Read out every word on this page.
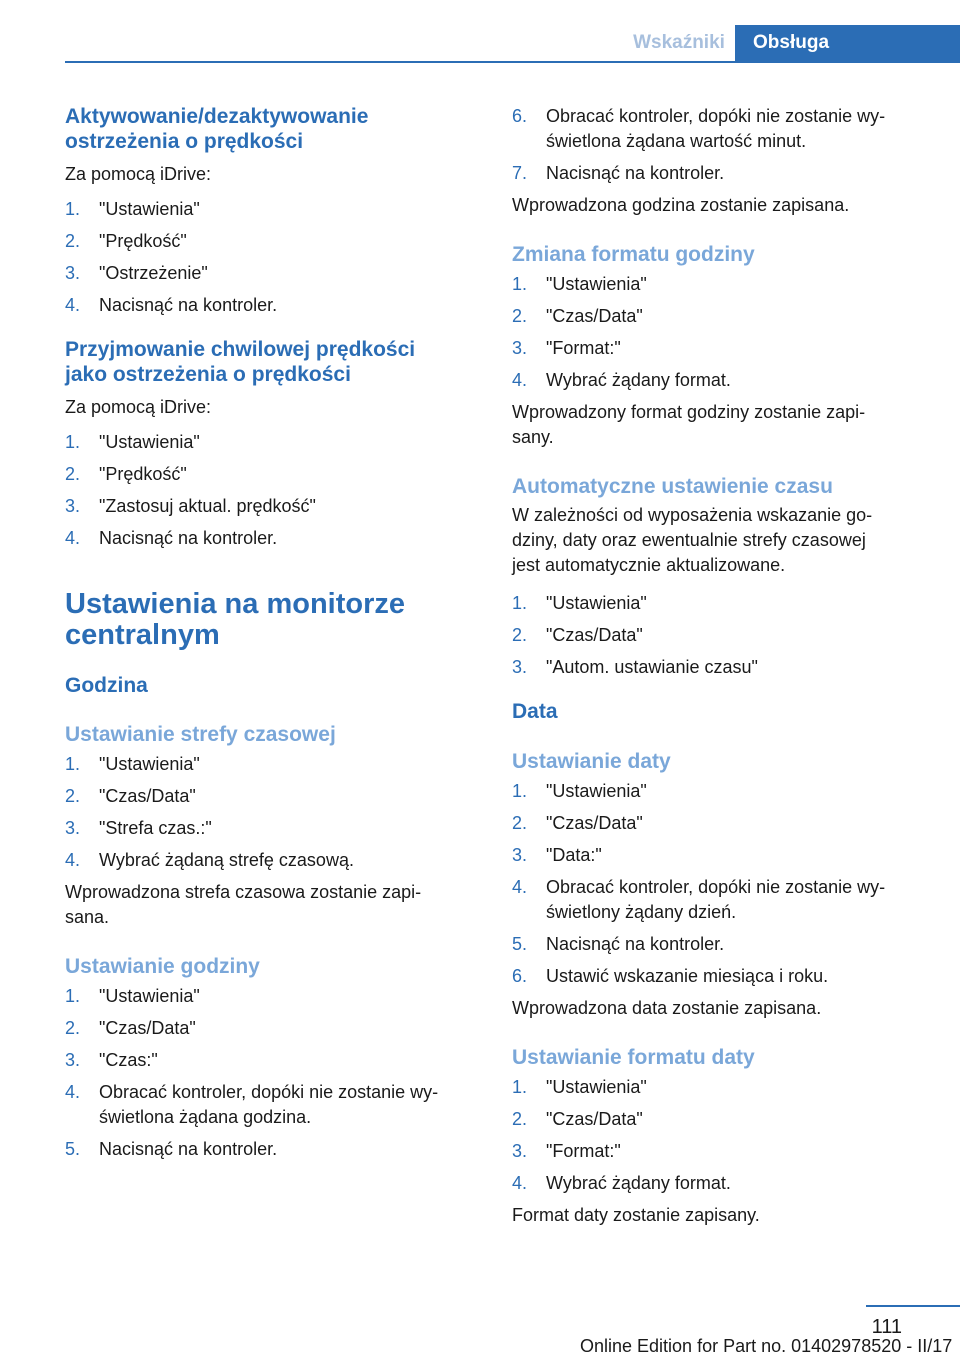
Wskaźniki	Obsługa
Aktywowanie/dezaktywowanie
ostrzeżenia o prędkości

Za pomocą iDrive:

1. "Ustawienia"
2. "Prędkość"
3. "Ostrzeżenie"
4. Nacisnąć na kontroler.
Przyjmowanie chwilowej prędkości
jako ostrzeżenia o prędkości

Za pomocą iDrive:

1. "Ustawienia"
2. "Prędkość"
3. "Zastosuj aktual. prędkość"
4. Nacisnąć na kontroler.
Ustawienia na monitorze
centralnym
Godzina
Ustawianie strefy czasowej
1. "Ustawienia"
2. "Czas/Data"
3. "Strefa czas.:"
4. Wybrać żądaną strefę czasową.

Wprowadzona strefa czasowa zostanie zapi-
sana.

Ustawianie godziny
1. "Ustawienia"
2. "Czas/Data"
3. "Czas:"
4. Obracać kontroler, dopóki nie zostanie wy-
świetlona żądana godzina.
5. Nacisnąć na kontroler.
6. Obracać kontroler, dopóki nie zostanie wy-
świetlona żądana wartość minut.
7. Nacisnąć na kontroler.

Wprowadzona godzina zostanie zapisana.

Zmiana formatu godziny
1. "Ustawienia"
2. "Czas/Data"
3. "Format:"
4. Wybrać żądany format.

Wprowadzony format godziny zostanie zapi-
sany.

Automatyczne ustawienie czasu

W zależności od wyposażenia wskazanie go-
dziny, daty oraz ewentualnie strefy czasowej
jest automatycznie aktualizowane.

1. "Ustawienia"
2. "Czas/Data"
3. "Autom. ustawianie czasu"
Data
Ustawianie daty
1. "Ustawienia"
2. "Czas/Data"
3. "Data:"
4. Obracać kontroler, dopóki nie zostanie wy-
świetlony żądany dzień.
5. Nacisnąć na kontroler.
6. Ustawić wskazanie miesiąca i roku.

Wprowadzona data zostanie zapisana.

Ustawianie formatu daty
1. "Ustawienia"
2. "Czas/Data"
3. "Format:"
4. Wybrać żądany format.

Format daty zostanie zapisany.

111
Online Edition for Part no. 01402978520 - II/17
